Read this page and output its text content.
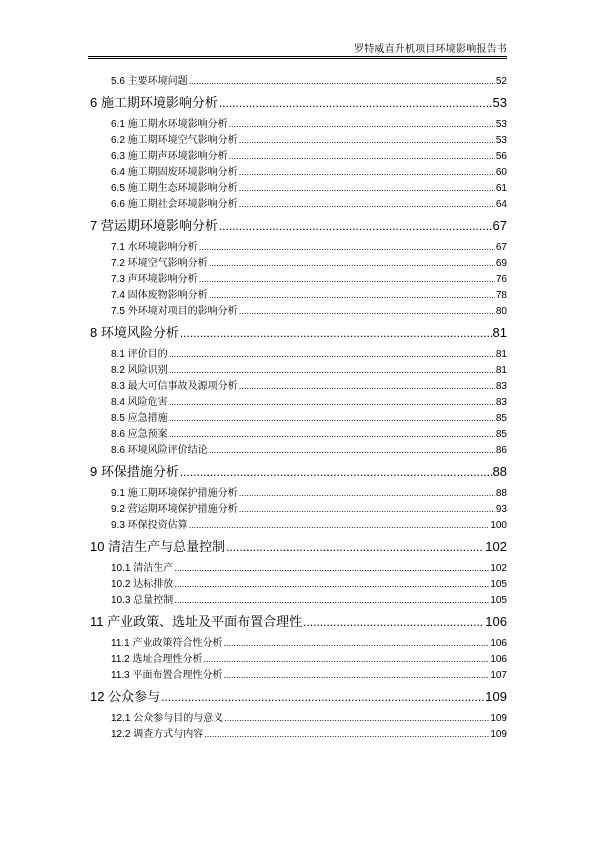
罗特威直升机项目环境影响报告书
5.6 主要环境问题 .....	52
6 施工期环境影响分析 .....	53
6.1 施工期水环境影响分析 .....	53
6.2 施工期环境空气影响分析 .....	53
6.3 施工期声环境影响分析 .....	56
6.4 施工期固废环境影响分析 .....	60
6.5 施工期生态环境影响分析 .....	61
6.6 施工期社会环境影响分析 .....	64
7 营运期环境影响分析 .....	67
7.1 水环境影响分析 .....	67
7.2 环境空气影响分析 .....	69
7.3 声环境影响分析 .....	76
7.4 固体废物影响分析 .....	78
7.5 外环境对项目的影响分析 .....	80
8 环境风险分析 .....	81
8.1 评价目的 .....	81
8.2 风险识别 .....	81
8.3 最大可信事故及源项分析 .....	83
8.4 风险危害 .....	83
8.5 应急措施 .....	85
8.6 应急预案 .....	85
8.6 环境风险评价结论 .....	86
9 环保措施分析 .....	88
9.1 施工期环境保护措施分析 .....	88
9.2 营运期环境保护措施分析 .....	93
9.3 环保投资估算 .....	100
10 清洁生产与总量控制 .....	102
10.1 清洁生产 .....	102
10.2 达标排放 .....	105
10.3 总量控制 .....	105
11 产业政策、选址及平面布置合理性 .....	106
11.1 产业政策符合性分析 .....	106
11.2 选址合理性分析 .....	106
11.3 平面布置合理性分析 .....	107
12 公众参与 .....	109
12.1 公众参与目的与意义 .....	109
12.2 调查方式与内容 .....	109
